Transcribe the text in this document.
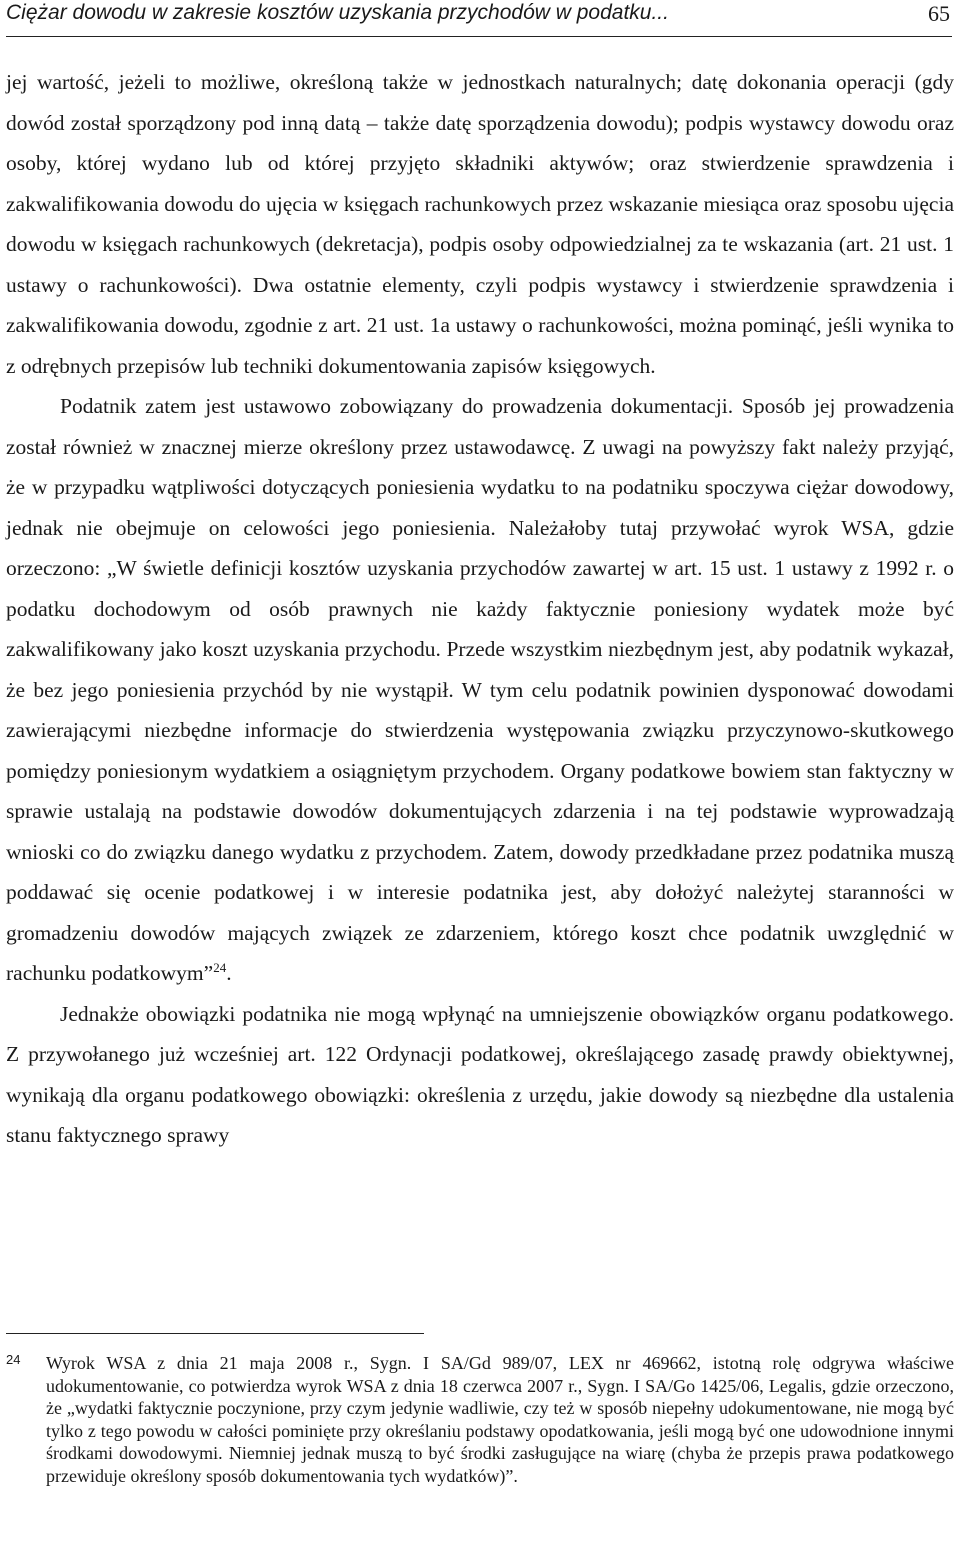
Ciężar dowodu w zakresie kosztów uzyskania przychodów w podatku...	65

jej wartość, jeżeli to możliwe, określoną także w jednostkach naturalnych; datę dokonania operacji (gdy dowód został sporządzony pod inną datą – także datę sporządzenia dowodu); podpis wystawcy dowodu oraz osoby, której wydano lub od której przyjęto składniki aktywów; oraz stwierdzenie sprawdzenia i zakwalifikowania dowodu do ujęcia w księgach rachunkowych przez wskazanie miesiąca oraz sposobu ujęcia dowodu w księgach rachunkowych (dekretacja), podpis osoby odpowiedzialnej za te wskazania (art. 21 ust. 1 ustawy o rachunkowości). Dwa ostatnie elementy, czyli podpis wystawcy i stwierdzenie sprawdzenia i zakwalifikowania dowodu, zgodnie z art. 21 ust. 1a ustawy o rachunkowości, można pominąć, jeśli wynika to z odrębnych przepisów lub techniki dokumentowania zapisów księgowych.

Podatnik zatem jest ustawowo zobowiązany do prowadzenia dokumentacji. Sposób jej prowadzenia został również w znacznej mierze określony przez ustawodawcę. Z uwagi na powyższy fakt należy przyjąć, że w przypadku wątpliwości dotyczących poniesienia wydatku to na podatniku spoczywa ciężar dowodowy, jednak nie obejmuje on celowości jego poniesienia. Należałoby tutaj przywołać wyrok WSA, gdzie orzeczono: „W świetle definicji kosztów uzyskania przychodów zawartej w art. 15 ust. 1 ustawy z 1992 r. o podatku dochodowym od osób prawnych nie każdy faktycznie poniesiony wydatek może być zakwalifikowany jako koszt uzyskania przychodu. Przede wszystkim niezbędnym jest, aby podatnik wykazał, że bez jego poniesienia przychód by nie wystąpił. W tym celu podatnik powinien dysponować dowodami zawierającymi niezbędne informacje do stwierdzenia występowania związku przyczynowo-skutkowego pomiędzy poniesionym wydatkiem a osiągniętym przychodem. Organy podatkowe bowiem stan faktyczny w sprawie ustalają na podstawie dowodów dokumentujących zdarzenia i na tej podstawie wyprowadzają wnioski co do związku danego wydatku z przychodem. Zatem, dowody przedkładane przez podatnika muszą poddawać się ocenie podatkowej i w interesie podatnika jest, aby dołożyć należytej staranności w gromadzeniu dowodów mających związek ze zdarzeniem, którego koszt chce podatnik uwzględnić w rachunku podatkowym”$^{24}$.

Jednakże obowiązki podatnika nie mogą wpłynąć na umniejszenie obowiązków organu podatkowego. Z przywołanego już wcześniej art. 122 Ordynacji podatkowej, określającego zasadę prawdy obiektywnej, wynikają dla organu podatkowego obowiązki: określenia z urzędu, jakie dowody są niezbędne dla ustalenia stanu faktycznego sprawy

24 Wyrok WSA z dnia 21 maja 2008 r., Sygn. I SA/Gd 989/07, LEX nr 469662, istotną rolę odgrywa właściwe udokumentowanie, co potwierdza wyrok WSA z dnia 18 czerwca 2007 r., Sygn. I SA/Go 1425/06, Legalis, gdzie orzeczono, że „wydatki faktycznie poczynione, przy czym jedynie wadliwie, czy też w sposób niepełny udokumentowane, nie mogą być tylko z tego powodu w całości pominięte przy określaniu podstawy opodatkowania, jeśli mogą być one udowodnione innymi środkami dowodowymi. Niemniej jednak muszą to być środki zasługujące na wiarę (chyba że przepis prawa podatkowego przewiduje określony sposób dokumentowania tych wydatków)”.
